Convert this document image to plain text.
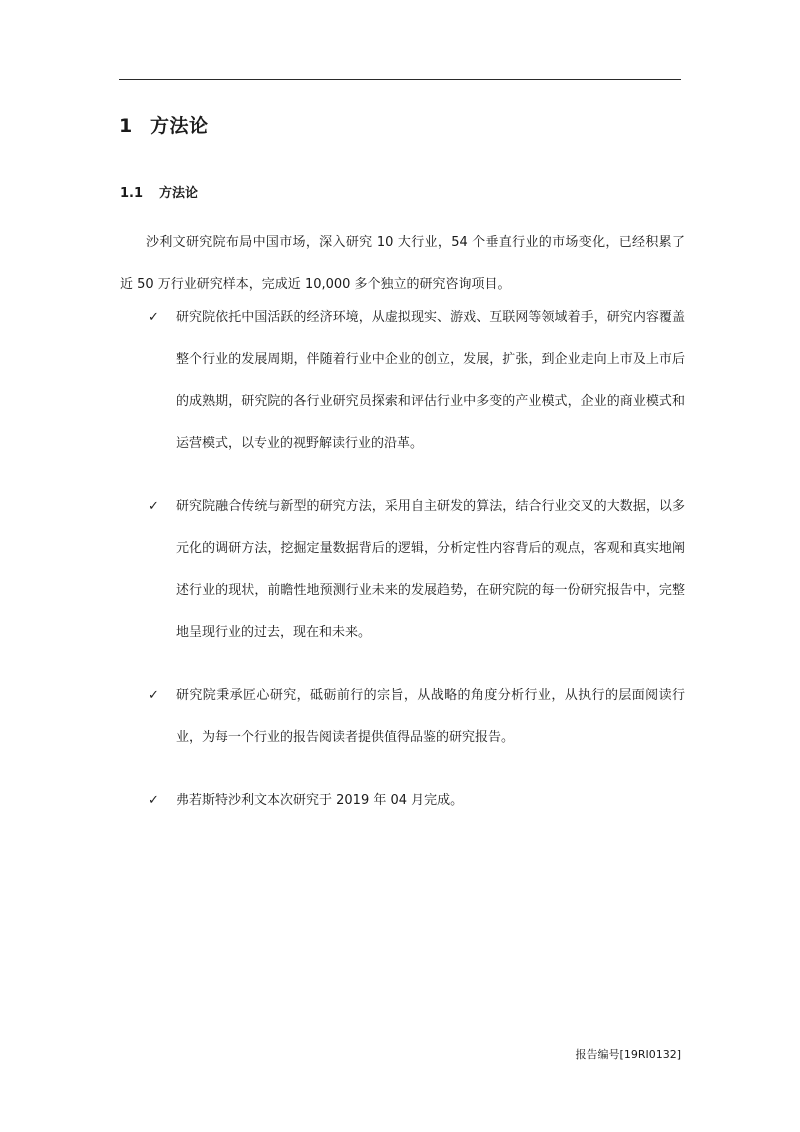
1 方法论
1.1 方法论
沙利文研究院布局中国市场，深入研究 10 大行业，54 个垂直行业的市场变化，已经积累了近 50 万行业研究样本，完成近 10,000 多个独立的研究咨询项目。
✓ 研究院依托中国活跃的经济环境，从虚拟现实、游戏、互联网等领域着手，研究内容覆盖整个行业的发展周期，伴随着行业中企业的创立，发展，扩张，到企业走向上市及上市后的成熟期，研究院的各行业研究员探索和评估行业中多变的产业模式，企业的商业模式和运营模式，以专业的视野解读行业的沿革。
✓ 研究院融合传统与新型的研究方法，采用自主研发的算法，结合行业交叉的大数据，以多元化的调研方法，挖掘定量数据背后的逻辑，分析定性内容背后的观点，客观和真实地阐述行业的现状，前瞻性地预测行业未来的发展趋势，在研究院的每一份研究报告中，完整地呈现行业的过去，现在和未来。
✓ 研究院秉承匠心研究，砥砺前行的宗旨，从战略的角度分析行业，从执行的层面阅读行业，为每一个行业的报告阅读者提供值得品鉴的研究报告。
✓ 弗若斯特沙利文本次研究于 2019 年 04 月完成。
报告编号[19RI0132]
